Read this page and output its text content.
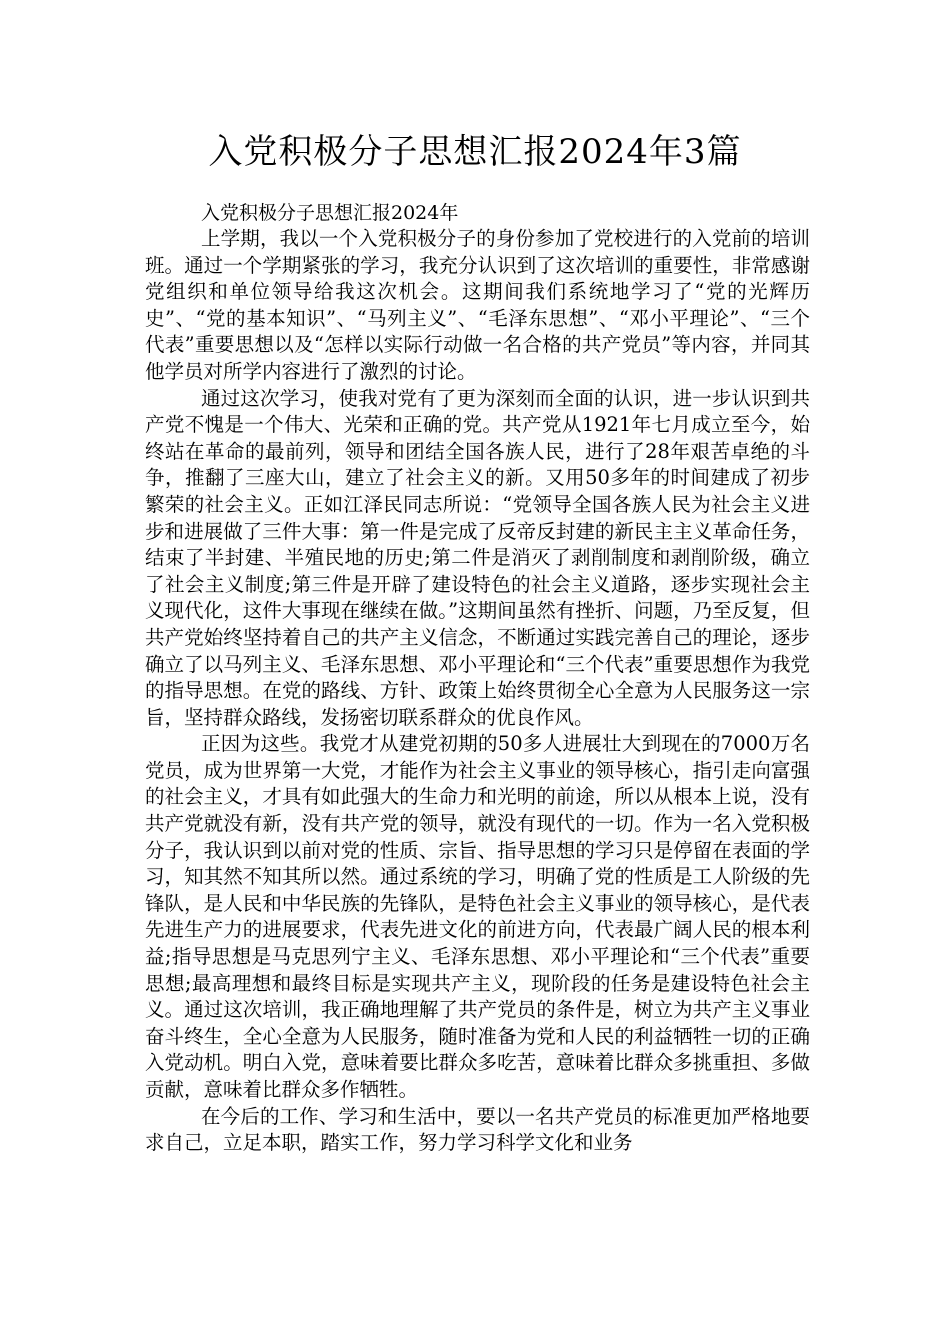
入党积极分子思想汇报2024年3篇

入党积极分子思想汇报2024年

上学期，我以一个入党积极分子的身份参加了党校进行的入党前的培训班。通过一个学期紧张的学习，我充分认识到了这次培训的重要性，非常感谢党组织和单位领导给我这次机会。这期间我们系统地学习了“党的光辉历史”、“党的基本知识”、“马列主义”、“毛泽东思想”、“邓小平理论”、“三个代表”重要思想以及“怎样以实际行动做一名合格的共产党员”等内容，并同其他学员对所学内容进行了激烈的讨论。

通过这次学习，使我对党有了更为深刻而全面的认识，进一步认识到共产党不愧是一个伟大、光荣和正确的党。共产党从1921年七月成立至今，始终站在革命的最前列，领导和团结全国各族人民，进行了28年艰苦卓绝的斗争，推翻了三座大山，建立了社会主义的新。又用50多年的时间建成了初步繁荣的社会主义。正如江泽民同志所说：“党领导全国各族人民为社会主义进步和进展做了三件大事：第一件是完成了反帝反封建的新民主主义革命任务，结束了半封建、半殖民地的历史;第二件是消灭了剥削制度和剥削阶级，确立了社会主义制度;第三件是开辟了建设特色的社会主义道路，逐步实现社会主义现代化，这件大事现在继续在做。”这期间虽然有挫折、问题，乃至反复，但共产党始终坚持着自己的共产主义信念，不断通过实践完善自己的理论，逐步确立了以马列主义、毛泽东思想、邓小平理论和“三个代表”重要思想作为我党的指导思想。在党的路线、方针、政策上始终贯彻全心全意为人民服务这一宗旨，坚持群众路线，发扬密切联系群众的优良作风。

正因为这些。我党才从建党初期的50多人进展壮大到现在的7000万名党员，成为世界第一大党，才能作为社会主义事业的领导核心，指引走向富强的社会主义，才具有如此强大的生命力和光明的前途，所以从根本上说，没有共产党就没有新，没有共产党的领导，就没有现代的一切。作为一名入党积极分子，我认识到以前对党的性质、宗旨、指导思想的学习只是停留在表面的学习，知其然不知其所以然。通过系统的学习，明确了党的性质是工人阶级的先锋队，是人民和中华民族的先锋队，是特色社会主义事业的领导核心，是代表先进生产力的进展要求，代表先进文化的前进方向，代表最广阔人民的根本利益;指导思想是马克思列宁主义、毛泽东思想、邓小平理论和“三个代表”重要思想;最高理想和最终目标是实现共产主义，现阶段的任务是建设特色社会主义。通过这次培训，我正确地理解了共产党员的条件是，树立为共产主义事业奋斗终生，全心全意为人民服务，随时准备为党和人民的利益牺牲一切的正确入党动机。明白入党，意味着要比群众多吃苦，意味着比群众多挑重担、多做贡献，意味着比群众多作牺牲。

在今后的工作、学习和生活中，要以一名共产党员的标准更加严格地要求自己，立足本职，踏实工作，努力学习科学文化和业务
